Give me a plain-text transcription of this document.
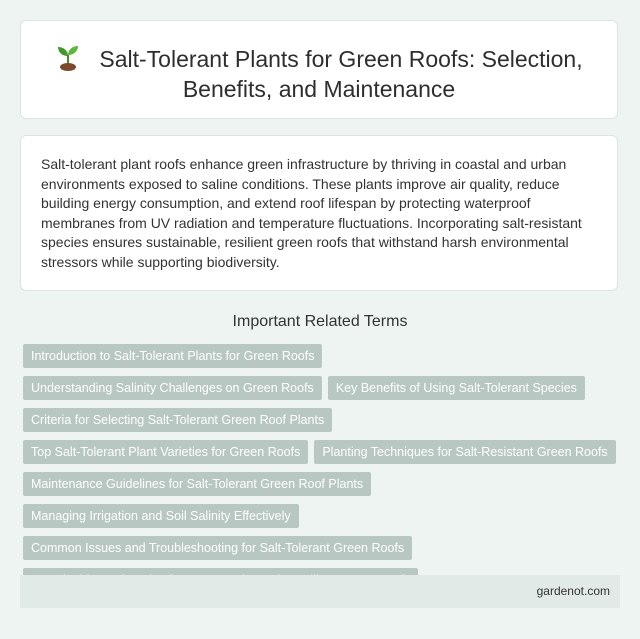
Salt-Tolerant Plants for Green Roofs: Selection, Benefits, and Maintenance
Salt-tolerant plant roofs enhance green infrastructure by thriving in coastal and urban environments exposed to saline conditions. These plants improve air quality, reduce building energy consumption, and extend roof lifespan by protecting waterproof membranes from UV radiation and temperature fluctuations. Incorporating salt-resistant species ensures sustainable, resilient green roofs that withstand harsh environmental stressors while supporting biodiversity.
Important Related Terms
Introduction to Salt-Tolerant Plants for Green RoofsUnderstanding Salinity Challenges on Green Roofs Key Benefits of Using Salt-Tolerant SpeciesCriteria for Selecting Salt-Tolerant Green Roof PlantsTop Salt-Tolerant Plant Varieties for Green Roofs Planting Techniques for Salt-Resistant Green RoofsMaintenance Guidelines for Salt-Tolerant Green Roof PlantsManaging Irrigation and Soil Salinity EffectivelyCommon Issues and Troubleshooting for Salt-Tolerant Green Roofs
gardenot.com
